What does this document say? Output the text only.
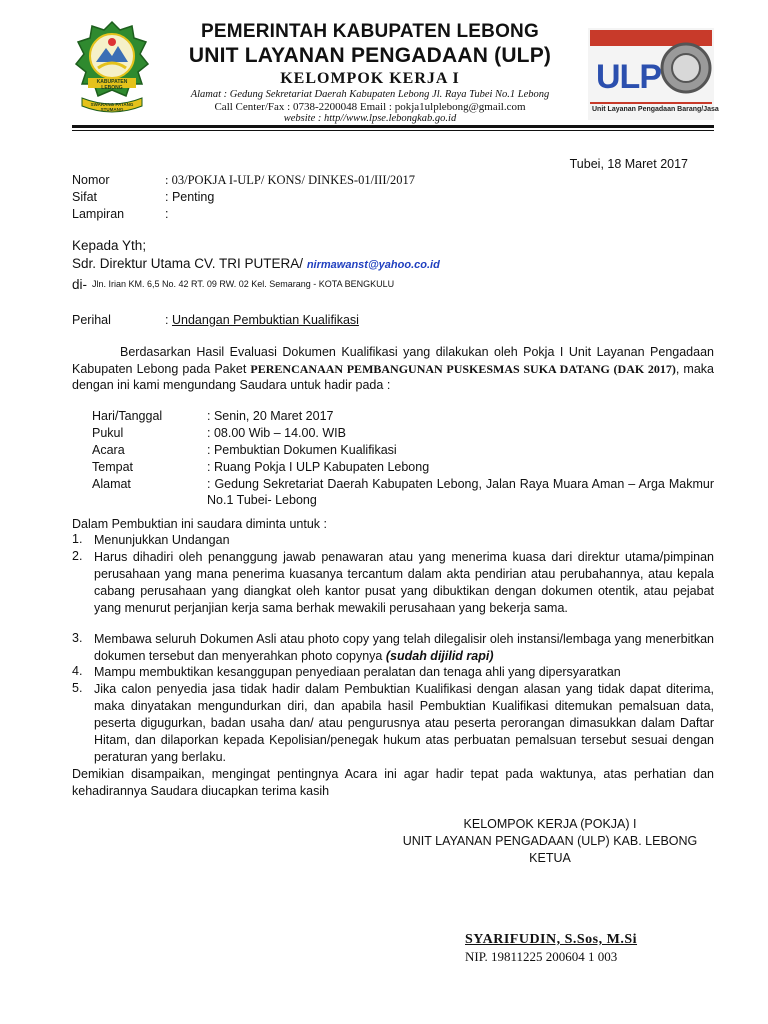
KABUPATEN LEBONG
SWARANG PATANG STUMANG
PEMERINTAH KABUPATEN LEBONG
UNIT LAYANAN PENGADAAN (ULP)
KELOMPOK KERJA I
Alamat : Gedung Sekretariat Daerah Kabupaten Lebong Jl. Raya Tubei No.1 Lebong
Call Center/Fax : 0738-2200048 Email : pokja1ulplebong@gmail.com
website : http//www.lpse.lebongkab.go.id
ULP
Unit Layanan Pengadaan Barang/Jasa
Tubei, 18 Maret 2017
Nomor	: 03/POKJA I-ULP/ KONS/ DINKES-01/III/2017
Sifat	: Penting
Lampiran	:
Kepada Yth;
Sdr. Direktur Utama CV. TRI PUTERA/ nirmawanst@yahoo.co.id
di- Jln. Irian KM. 6,5 No. 42 RT. 09 RW. 02 Kel. Semarang - KOTA BENGKULU
Perihal	: Undangan Pembuktian Kualifikasi
Berdasarkan Hasil Evaluasi Dokumen Kualifikasi yang dilakukan oleh Pokja I Unit Layanan Pengadaan Kabupaten Lebong pada Paket PERENCANAAN PEMBANGUNAN PUSKESMAS SUKA DATANG (DAK 2017), maka dengan ini kami mengundang Saudara untuk hadir pada :
Hari/Tanggal	: Senin, 20 Maret 2017
Pukul	: 08.00 Wib – 14.00. WIB
Acara	: Pembuktian Dokumen Kualifikasi
Tempat	: Ruang Pokja I ULP Kabupaten Lebong
Alamat	: Gedung Sekretariat Daerah Kabupaten Lebong, Jalan Raya Muara Aman – Arga Makmur No.1 Tubei- Lebong
Dalam Pembuktian ini saudara diminta untuk :
1. Menunjukkan Undangan
2. Harus dihadiri oleh penanggung jawab penawaran atau yang menerima kuasa dari direktur utama/pimpinan perusahaan yang mana penerima kuasanya tercantum dalam akta pendirian atau perubahannya, atau kepala cabang perusahaan yang diangkat oleh kantor pusat yang dibuktikan dengan dokumen otentik, atau pejabat yang menurut perjanjian kerja sama berhak mewakili perusahaan yang bekerja sama.
3. Membawa seluruh Dokumen Asli atau photo copy yang telah dilegalisir oleh instansi/lembaga yang menerbitkan dokumen tersebut dan menyerahkan photo copynya (sudah dijilid rapi)
4. Mampu membuktikan kesanggupan penyediaan peralatan dan tenaga ahli yang dipersyaratkan
5. Jika calon penyedia jasa tidak hadir dalam Pembuktian Kualifikasi dengan alasan yang tidak dapat diterima, maka dinyatakan mengundurkan diri, dan apabila hasil Pembuktian Kualifikasi ditemukan pemalsuan data, peserta digugurkan, badan usaha dan/ atau pengurusnya atau peserta perorangan dimasukkan dalam Daftar Hitam, dan dilaporkan kepada Kepolisian/penegak hukum atas perbuatan pemalsuan tersebut sesuai dengan peraturan yang berlaku.
Demikian disampaikan, mengingat pentingnya Acara ini agar hadir tepat pada waktunya, atas perhatian dan kehadirannya Saudara diucapkan terima kasih
KELOMPOK KERJA (POKJA) I
UNIT LAYANAN PENGADAAN (ULP) KAB. LEBONG
KETUA
SYARIFUDIN, S.Sos, M.Si
NIP. 19811225 200604 1 003
